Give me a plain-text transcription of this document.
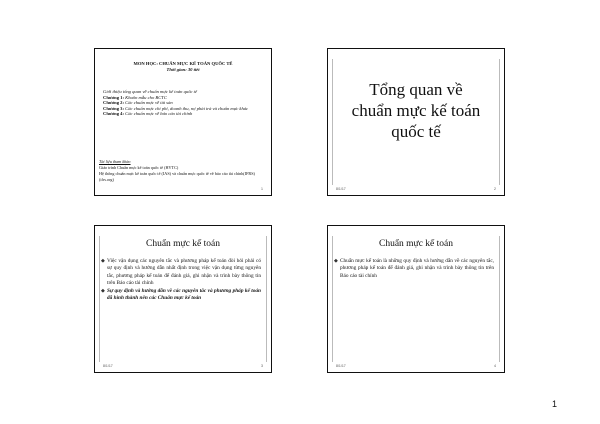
MON HỌC: CHUẨN MỰC KẾ TOÁN QUỐC TẾ
Thời gian: 30 tiết
Giới thiệu tổng quan về chuẩn mực kế toán quốc tế
Chương 1: Khuôn mẫu cho BCTC
Chương 2: Các chuẩn mực về tài sản
Chương 3: Các chuẩn mực chi phí, doanh thu, nợ phải trả và chuẩn mực khác
Chương 4: Các chuẩn mực về báo cáo tài chính
Tài liệu tham khảo
Giáo trình Chuẩn mực kế toán quốc tế (HVTC)
Hệ thống chuẩn mực kế toán quốc tế (IAS) và chuẩn mực quốc tế về báo cáo tài chính(IFRS) (ifrs.org)
1
Tổng quan về
chuẩn mực kế toán
quốc tế
8/1/17	2
Chuẩn mực kế toán
◆ Việc vận dụng các nguyên tắc và phương pháp kế toán đòi hỏi phải có sự quy định và hướng dẫn nhất định trong việc vận dụng từng nguyên tắc, phương pháp kế toán để đánh giá, ghi nhận và trình bày thông tin trên Báo cáo tài chính
◆ Sự quy định và hướng dẫn về các nguyên tắc và phương pháp kế toán đã hình thành nên các Chuẩn mực kế toán
8/1/17	3
Chuẩn mực kế toán
◆ Chuẩn mực kế toán là những quy định và hướng dẫn về các nguyên tắc, phương pháp kế toán để đánh giá, ghi nhận và trình bày thông tin trên Báo cáo tài chính
8/1/17	4
1
